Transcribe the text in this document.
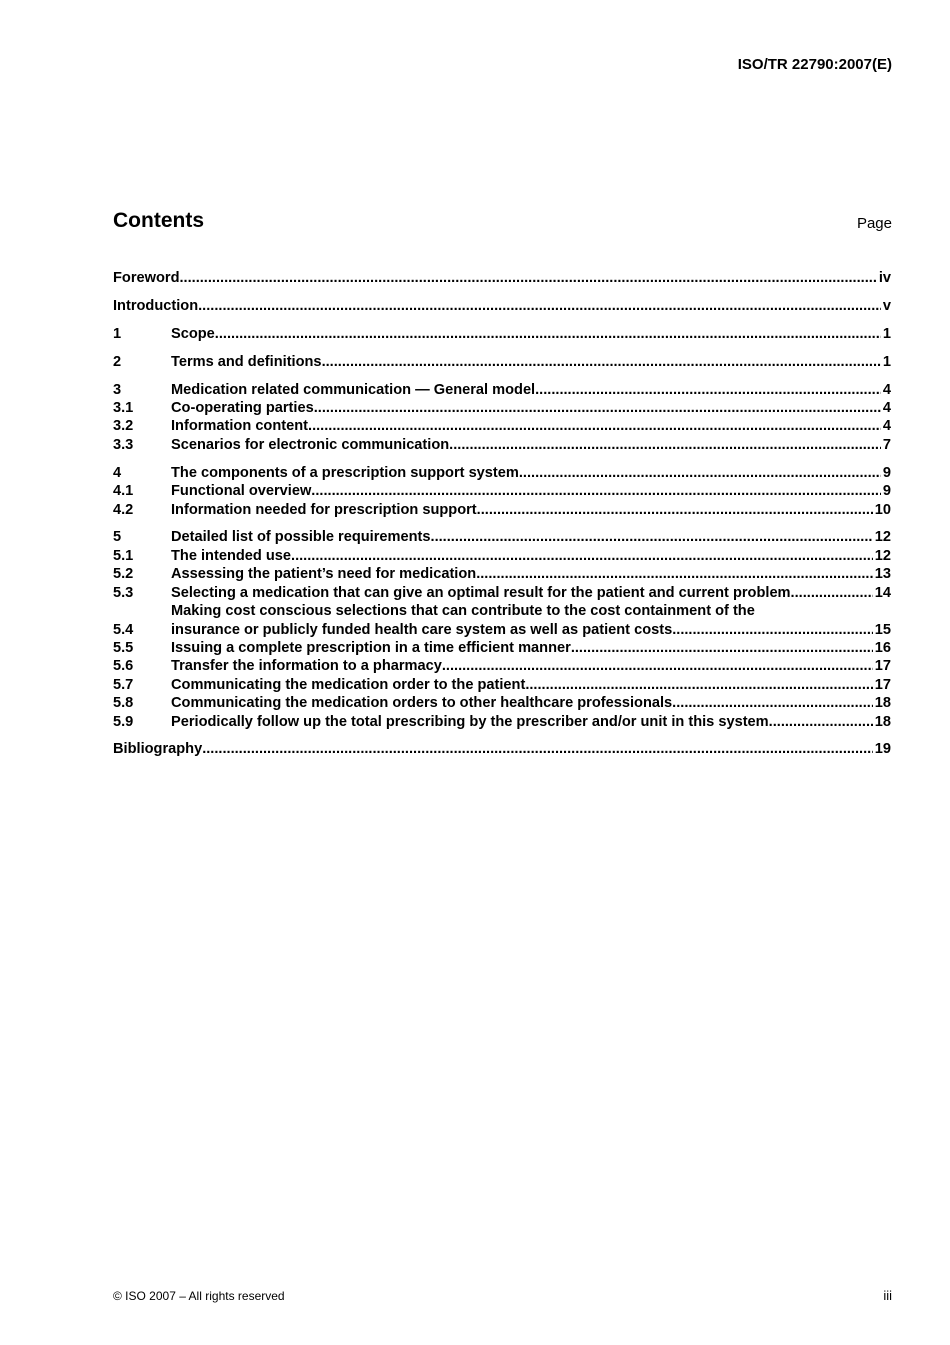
ISO/TR 22790:2007(E)
Contents	Page
Foreword .....	iv
Introduction .....	v
1	Scope .....	1
2	Terms and definitions .....	1
3	Medication related communication — General model .....	4
3.1	Co-operating parties .....	4
3.2	Information content .....	4
3.3	Scenarios for electronic communication .....	7
4	The components of a prescription support system .....	9
4.1	Functional overview .....	9
4.2	Information needed for prescription support .....	10
5	Detailed list of possible requirements .....	12
5.1	The intended use .....	12
5.2	Assessing the patient’s need for medication .....	13
5.3	Selecting a medication that can give an optimal result for the patient and current problem .....	14
5.4
Making cost conscious selections that can contribute to the cost containment of the
insurance or publicly funded health care system as well as patient costs .....	15
5.5	Issuing a complete prescription in a time efficient manner .....	16
5.6	Transfer the information to a pharmacy .....	17
5.7	Communicating the medication order to the patient .....	17
5.8	Communicating the medication orders to other healthcare professionals .....	18
5.9	Periodically follow up the total prescribing by the prescriber and/or unit in this system .....	18
Bibliography .....	19
© ISO 2007 – All rights reserved	iii
